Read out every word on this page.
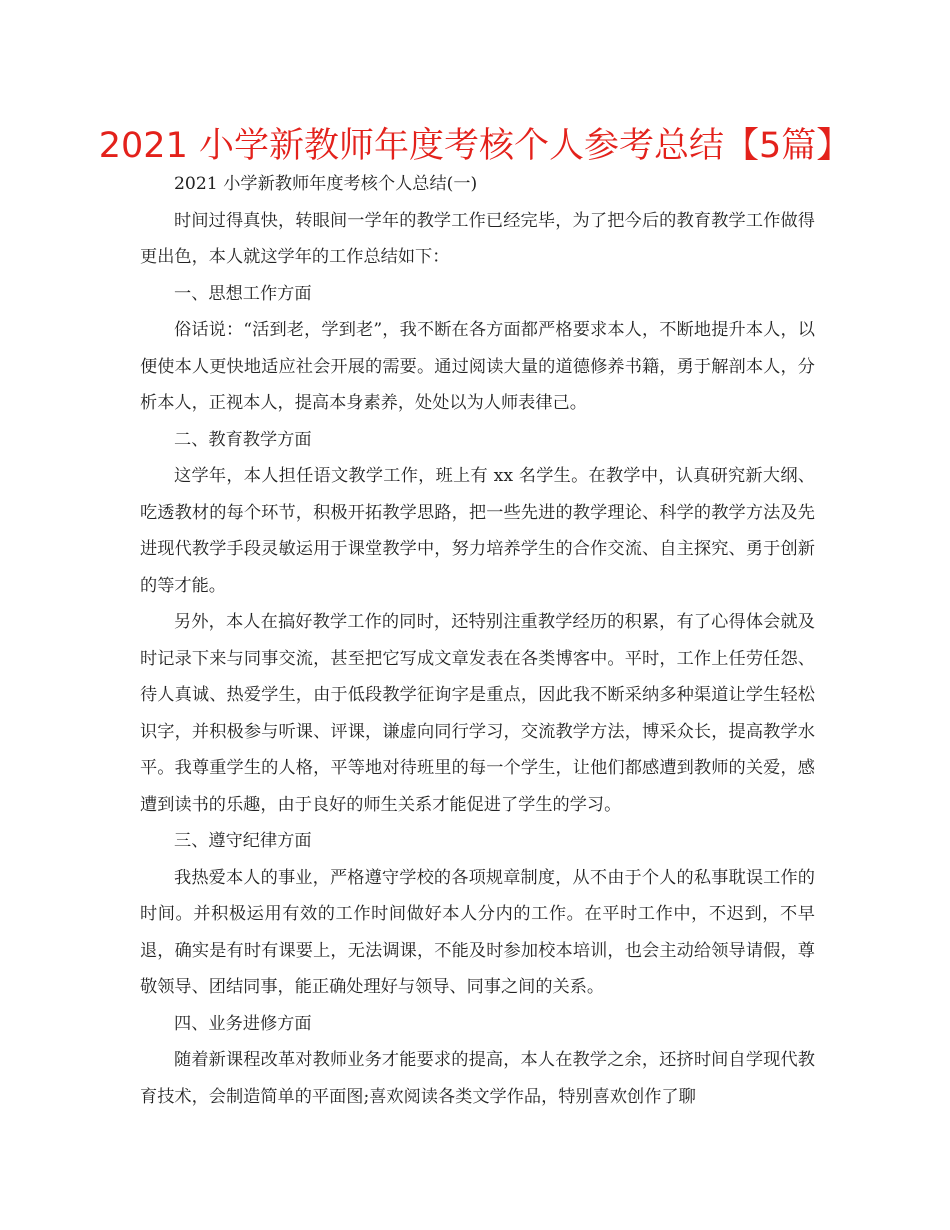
2021 小学新教师年度考核个人参考总结【5篇】

2021 小学新教师年度考核个人总结(一)

时间过得真快，转眼间一学年的教学工作已经完毕，为了把今后的教育教学工作做得更出色，本人就这学年的工作总结如下：

一、思想工作方面

俗话说：“活到老，学到老”，我不断在各方面都严格要求本人，不断地提升本人，以便使本人更快地适应社会开展的需要。通过阅读大量的道德修养书籍，勇于解剖本人，分析本人，正视本人，提高本身素养，处处以为人师表律己。

二、教育教学方面

这学年，本人担任语文教学工作，班上有 xx 名学生。在教学中，认真研究新大纲、吃透教材的每个环节，积极开拓教学思路，把一些先进的教学理论、科学的教学方法及先进现代教学手段灵敏运用于课堂教学中，努力培养学生的合作交流、自主探究、勇于创新的等才能。

另外，本人在搞好教学工作的同时，还特别注重教学经历的积累，有了心得体会就及时记录下来与同事交流，甚至把它写成文章发表在各类博客中。平时，工作上任劳任怨、待人真诚、热爱学生，由于低段教学征询字是重点，因此我不断采纳多种渠道让学生轻松识字，并积极参与听课、评课，谦虚向同行学习，交流教学方法，博采众长，提高教学水平。我尊重学生的人格，平等地对待班里的每一个学生，让他们都感遭到教师的关爱，感遭到读书的乐趣，由于良好的师生关系才能促进了学生的学习。

三、遵守纪律方面

我热爱本人的事业，严格遵守学校的各项规章制度，从不由于个人的私事耽误工作的时间。并积极运用有效的工作时间做好本人分内的工作。在平时工作中，不迟到，不早退，确实是有时有课要上，无法调课，不能及时参加校本培训，也会主动给领导请假，尊敬领导、团结同事，能正确处理好与领导、同事之间的关系。

四、业务进修方面

随着新课程改革对教师业务才能要求的提高，本人在教学之余，还挤时间自学现代教育技术，会制造简单的平面图;喜欢阅读各类文学作品，特别喜欢创作了聊
